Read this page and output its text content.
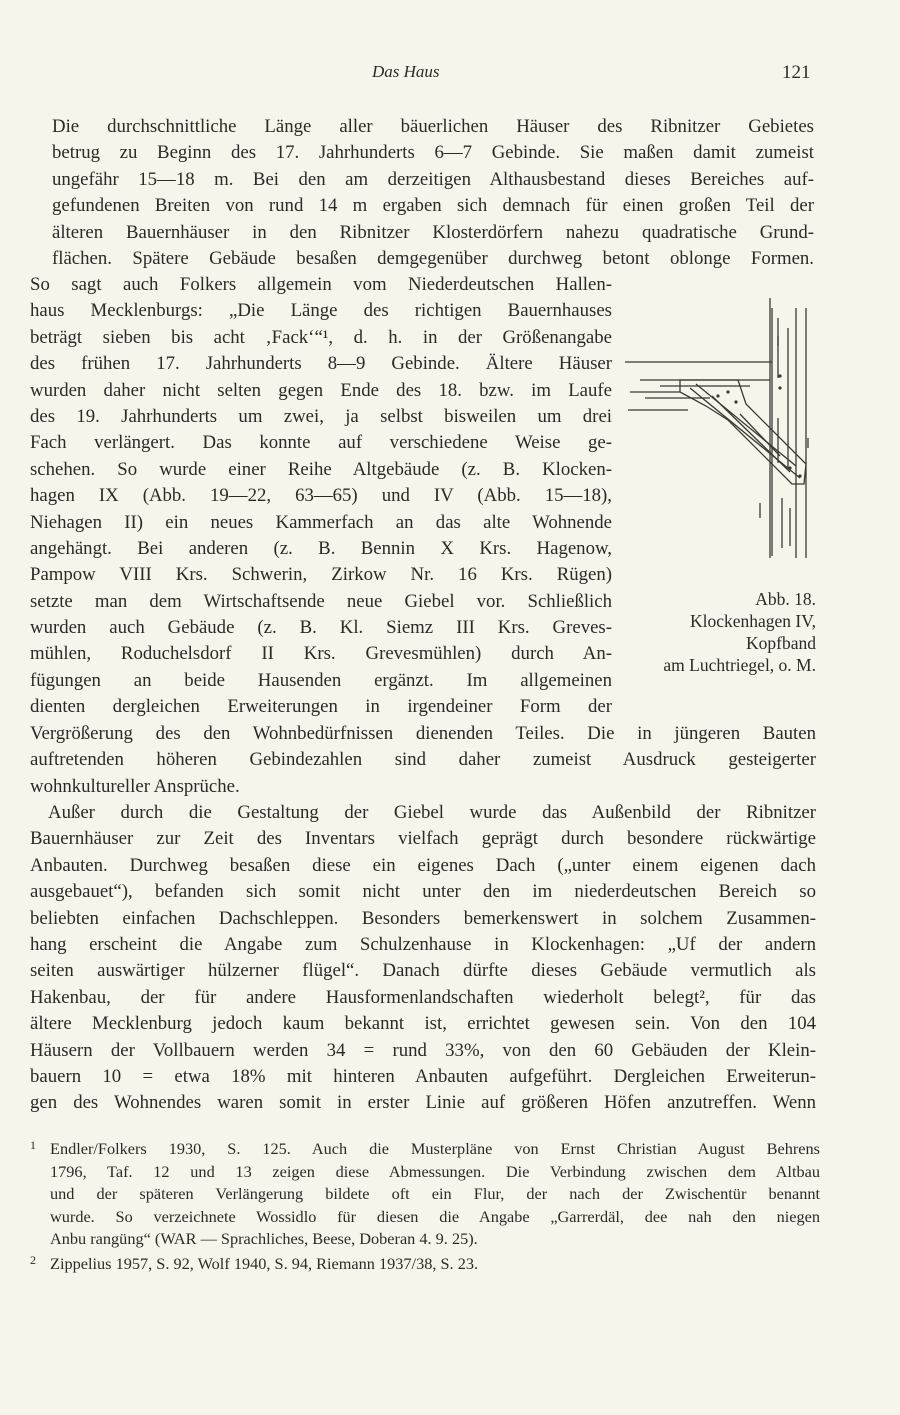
Das Haus	121
Die durchschnittliche Länge aller bäuerlichen Häuser des Ribnitzer Gebietes
betrug zu Beginn des 17. Jahrhunderts 6—7 Gebinde. Sie maßen damit zumeist
ungefähr 15—18 m. Bei den am derzeitigen Althausbestand dieses Bereiches auf-
gefundenen Breiten von rund 14 m ergaben sich demnach für einen großen Teil der
älteren Bauernhäuser in den Ribnitzer Klosterdörfern nahezu quadratische Grund-
flächen. Spätere Gebäude besaßen demgegenüber durchweg betont oblonge Formen.
So sagt auch Folkers allgemein vom Niederdeutschen Hallen-
haus Mecklenburgs: „Die Länge des richtigen Bauernhauses
beträgt sieben bis acht ‚Fack‘“¹, d. h. in der Größenangabe
des frühen 17. Jahrhunderts 8—9 Gebinde. Ältere Häuser
wurden daher nicht selten gegen Ende des 18. bzw. im Laufe
des 19. Jahrhunderts um zwei, ja selbst bisweilen um drei
Fach verlängert. Das konnte auf verschiedene Weise ge-
schehen. So wurde einer Reihe Altgebäude (z. B. Klocken-
hagen IX (Abb. 19—22, 63—65) und IV (Abb. 15—18),
Niehagen II) ein neues Kammerfach an das alte Wohnende
angehängt. Bei anderen (z. B. Bennin X Krs. Hagenow,
Pampow VIII Krs. Schwerin, Zirkow Nr. 16 Krs. Rügen)
setzte man dem Wirtschaftsende neue Giebel vor. Schließlich
wurden auch Gebäude (z. B. Kl. Siemz III Krs. Greves-
mühlen, Roduchelsdorf II Krs. Grevesmühlen) durch An-
fügungen an beide Hausenden ergänzt. Im allgemeinen
dienten dergleichen Erweiterungen in irgendeiner Form der
Abb. 18.
Klockenhagen IV,
Kopfband
am Luchtriegel, o. M.
Vergrößerung des den Wohnbedürfnissen dienenden Teiles. Die in jüngeren Bauten
auftretenden höheren Gebindezahlen sind daher zumeist Ausdruck gesteigerter
wohnkultureller Ansprüche.
Außer durch die Gestaltung der Giebel wurde das Außenbild der Ribnitzer
Bauernhäuser zur Zeit des Inventars vielfach geprägt durch besondere rückwärtige
Anbauten. Durchweg besaßen diese ein eigenes Dach („unter einem eigenen dach
ausgebauet“), befanden sich somit nicht unter den im niederdeutschen Bereich so
beliebten einfachen Dachschleppen. Besonders bemerkenswert in solchem Zusammen-
hang erscheint die Angabe zum Schulzenhause in Klockenhagen: „Uf der andern
seiten auswärtiger hülzerner flügel“. Danach dürfte dieses Gebäude vermutlich als
Hakenbau, der für andere Hausformenlandschaften wiederholt belegt², für das
ältere Mecklenburg jedoch kaum bekannt ist, errichtet gewesen sein. Von den 104
Häusern der Vollbauern werden 34 = rund 33%, von den 60 Gebäuden der Klein-
bauern 10 = etwa 18% mit hinteren Anbauten aufgeführt. Dergleichen Erweiterun-
gen des Wohnendes waren somit in erster Linie auf größeren Höfen anzutreffen. Wenn
1 Endler/Folkers 1930, S. 125. Auch die Musterpläne von Ernst Christian August Behrens
1796, Taf. 12 und 13 zeigen diese Abmessungen. Die Verbindung zwischen dem Altbau
und der späteren Verlängerung bildete oft ein Flur, der nach der Zwischentür benannt
wurde. So verzeichnete Wossidlo für diesen die Angabe „Garrerdäl, dee nah den niegen
Anbu rangüng“ (WAR — Sprachliches, Beese, Doberan 4. 9. 25).
2 Zippelius 1957, S. 92, Wolf 1940, S. 94, Riemann 1937/38, S. 23.
